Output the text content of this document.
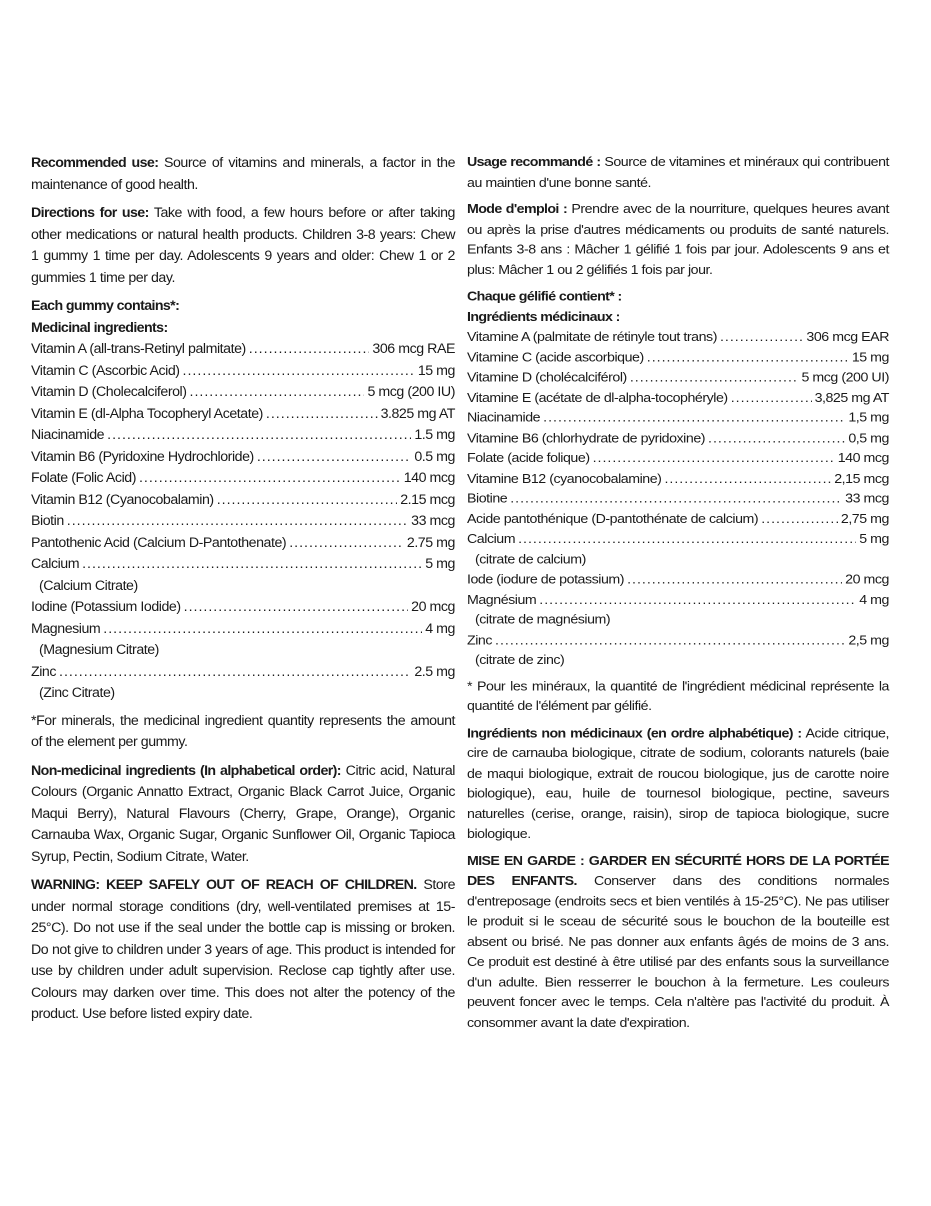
Recommended use: Source of vitamins and minerals, a factor in the maintenance of good health.

Directions for use: Take with food, a few hours before or after taking other medications or natural health products. Children 3-8 years: Chew 1 gummy 1 time per day. Adolescents 9 years and older: Chew 1 or 2 gummies 1 time per day.

Each gummy contains*:
Medicinal ingredients:
Vitamin A (all-trans-Retinyl palmitate) .....	306 mcg RAE
Vitamin C (Ascorbic Acid) .....	15 mg
Vitamin D (Cholecalciferol) .....	5 mcg (200 IU)
Vitamin E (dl-Alpha Tocopheryl Acetate) .....	3.825 mg AT
Niacinamide .....	1.5 mg
Vitamin B6 (Pyridoxine Hydrochloride) .....	0.5 mg
Folate (Folic Acid) .....	140 mcg
Vitamin B12 (Cyanocobalamin) .....	2.15 mcg
Biotin .....	33 mcg
Pantothenic Acid (Calcium D-Pantothenate) .....	2.75 mg
Calcium .....	5 mg
(Calcium Citrate)
Iodine (Potassium Iodide) .....	20 mcg
Magnesium .....	4 mg
(Magnesium Citrate)
Zinc .....	2.5 mg
(Zinc Citrate)

*For minerals, the medicinal ingredient quantity represents the amount of the element per gummy.

Non-medicinal ingredients (In alphabetical order): Citric acid, Natural Colours (Organic Annatto Extract, Organic Black Carrot Juice, Organic Maqui Berry), Natural Flavours (Cherry, Grape, Orange), Organic Carnauba Wax, Organic Sugar, Organic Sunflower Oil, Organic Tapioca Syrup, Pectin, Sodium Citrate, Water.

WARNING: KEEP SAFELY OUT OF REACH OF CHILDREN. Store under normal storage conditions (dry, well-ventilated premises at 15-25°C). Do not use if the seal under the bottle cap is missing or broken. Do not give to children under 3 years of age. This product is intended for use by children under adult supervision. Reclose cap tightly after use. Colours may darken over time. This does not alter the potency of the product. Use before listed expiry date.

Usage recommandé : Source de vitamines et minéraux qui contribuent au maintien d'une bonne santé.

Mode d'emploi : Prendre avec de la nourriture, quelques heures avant ou après la prise d'autres médicaments ou produits de santé naturels. Enfants 3-8 ans : Mâcher 1 gélifié 1 fois par jour. Adolescents 9 ans et plus: Mâcher 1 ou 2 gélifiés 1 fois par jour.

Chaque gélifié contient* :
Ingrédients médicinaux :
Vitamine A (palmitate de rétinyle tout trans) .....	306 mcg EAR
Vitamine C (acide ascorbique) .....	15 mg
Vitamine D (cholécalciférol) .....	5 mcg (200 UI)
Vitamine E (acétate de dl-alpha-tocophéryle) .....	3,825 mg AT
Niacinamide .....	1,5 mg
Vitamine B6 (chlorhydrate de pyridoxine) .....	0,5 mg
Folate (acide folique) .....	140 mcg
Vitamine B12 (cyanocobalamine) .....	2,15 mcg
Biotine .....	33 mcg
Acide pantothénique (D-pantothénate de calcium) .....	2,75 mg
Calcium .....	5 mg
(citrate de calcium)
Iode (iodure de potassium) .....	20 mcg
Magnésium .....	4 mg
(citrate de magnésium)
Zinc .....	2,5 mg
(citrate de zinc)

* Pour les minéraux, la quantité de l'ingrédient médicinal représente la quantité de l'élément par gélifié.

Ingrédients non médicinaux (en ordre alphabétique) : Acide citrique, cire de carnauba biologique, citrate de sodium, colorants naturels (baie de maqui biologique, extrait de roucou biologique, jus de carotte noire biologique), eau, huile de tournesol biologique, pectine, saveurs naturelles (cerise, orange, raisin), sirop de tapioca biologique, sucre biologique.

MISE EN GARDE : GARDER EN SÉCURITÉ HORS DE LA PORTÉE DES ENFANTS. Conserver dans des conditions normales d'entreposage (endroits secs et bien ventilés à 15-25°C). Ne pas utiliser le produit si le sceau de sécurité sous le bouchon de la bouteille est absent ou brisé. Ne pas donner aux enfants âgés de moins de 3 ans. Ce produit est destiné à être utilisé par des enfants sous la surveillance d'un adulte. Bien resserrer le bouchon à la fermeture. Les couleurs peuvent foncer avec le temps. Cela n'altère pas l'activité du produit. À consommer avant la date d'expiration.
